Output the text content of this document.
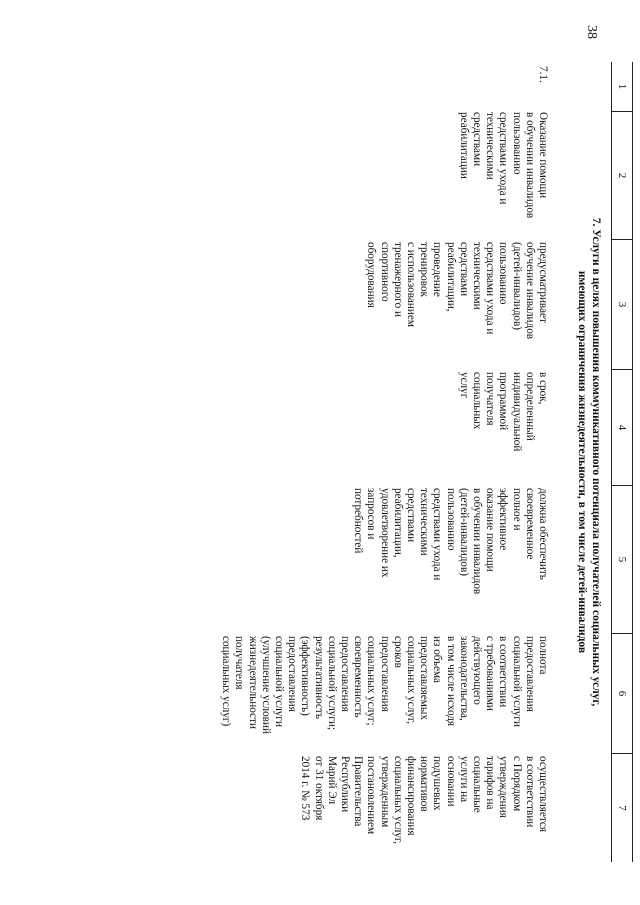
38
1
2
3
4
5
6
7
7. Услуги в целях повышения коммуникативного потенциала получателей социальных услуг,
имеющих ограничения жизнедеятельности, в том числе детей-инвалидов
7.1.
Оказание помощи
в обучении инвалидов
пользованию
средствами ухода и
техническими
средствами
реабилитации
предусматривает
обучение инвалидов
(детей-инвалидов)
пользованию
средствами ухода и
техническими
средствами
реабилитации,
проведение
тренировок
с использованием
тренажерного и
спортивного
оборудования
в срок,
определенный
индивидуальной
программой
получателя
социальных
услуг
должна обеспечить
своевременное
полное и
эффективное
оказание помощи
в обучении инвалидов
(детей-инвалидов)
пользованию
средствами ухода и
техническими
средствами
реабилитации,
удовлетворение их
запросов и
потребностей
полнота
предоставления
социальной услуги
в соответствии
с требованиями
действующего
законодательства,
в том числе исходя
из объема
предоставляемых
социальных услуг,
сроков
предоставления
социальных услуг;
своевременность
предоставления
социальной услуги;
результативность
(эффективность)
предоставления
социальной услуги
(улучшение условий
жизнедеятельности
получателя
социальных услуг)
осуществляется
в соответствии
с Порядком
утверждения
тарифов на
социальные
услуги на
основании
подушевых
нормативов
финансирования
социальных услуг,
утвержденным
постановлением
Правительства
Республики
Марий Эл
от 31 октября
2014 г. № 573
